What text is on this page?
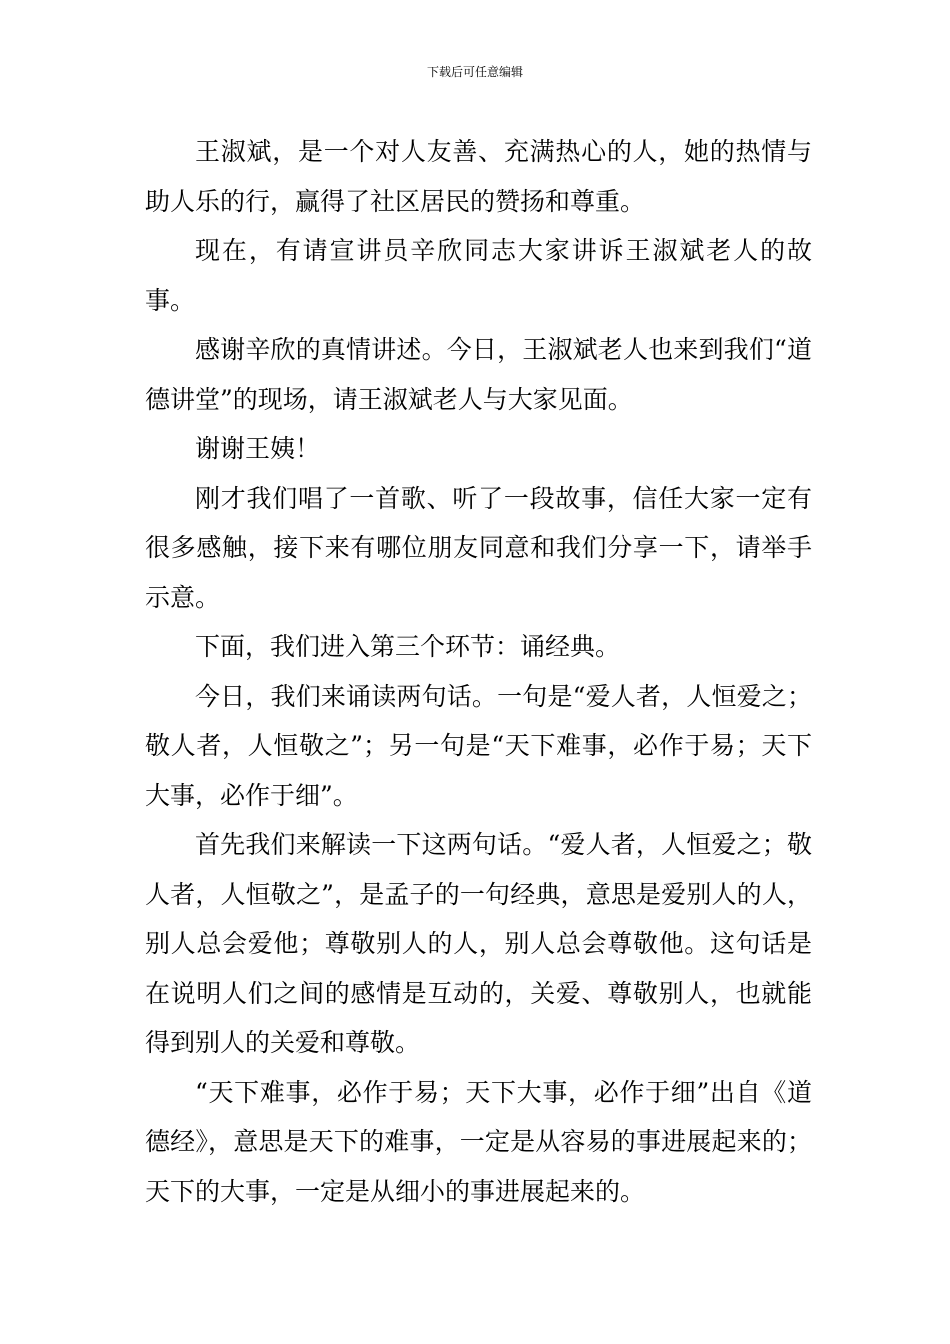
下载后可任意编辑

王淑斌，是一个对人友善、充满热心的人，她的热情与助人乐的行，赢得了社区居民的赞扬和尊重。

现在，有请宣讲员辛欣同志大家讲诉王淑斌老人的故事。

感谢辛欣的真情讲述。今日，王淑斌老人也来到我们“道德讲堂”的现场，请王淑斌老人与大家见面。

谢谢王姨！

刚才我们唱了一首歌、听了一段故事，信任大家一定有很多感触，接下来有哪位朋友同意和我们分享一下，请举手示意。

下面，我们进入第三个环节：诵经典。

今日，我们来诵读两句话。一句是“爱人者，人恒爱之；敬人者，人恒敬之”；另一句是“天下难事，必作于易；天下大事，必作于细”。

首先我们来解读一下这两句话。“爱人者，人恒爱之；敬人者，人恒敬之”，是孟子的一句经典，意思是爱别人的人，别人总会爱他；尊敬别人的人，别人总会尊敬他。这句话是在说明人们之间的感情是互动的，关爱、尊敬别人，也就能得到别人的关爱和尊敬。

“天下难事，必作于易；天下大事，必作于细”出自《道德经》，意思是天下的难事，一定是从容易的事进展起来的；天下的大事，一定是从细小的事进展起来的。
